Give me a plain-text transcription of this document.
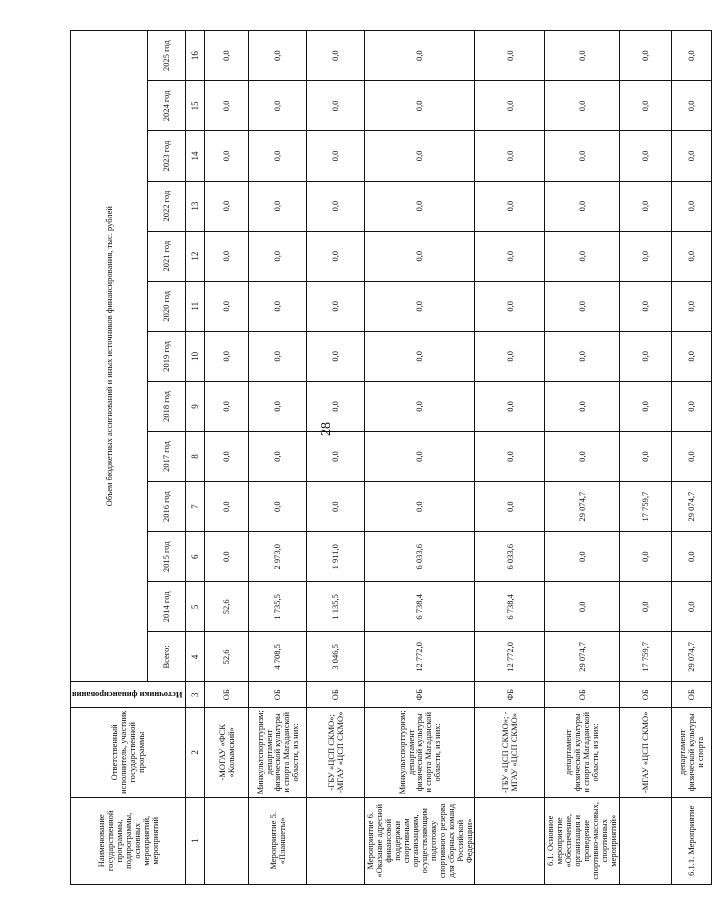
28
Наименование государственной программы, подпрограммы, основных мероприятий, мероприятий	Ответственный исполнитель, участник государственной программы	Источники финансирования	Объем бюджетных ассигнований и иных источников финансирования, тыс. рублей												
			Всего:	2014 год	2015 год	2016 год	2017 год	2018 год	2019 год	2020 год	2021 год	2022 год	2023 год	2024 год	2025 год
1	2	3	4	5	6	7	8	9	10	11	12	13	14	15	16
	-МОГАУ «ФСК «Колымский»	ОБ	52,6	52,6	0,0	0,0	0,0	0,0	0,0	0,0	0,0	0,0	0,0	0,0	0,0
Мероприятие 5. «Планшеты»	Минкультспорттуризм; департамент физической культуры и спорта Магаданской области, из них:	ОБ	4 708,5	1 735,5	2 973,0	0,0	0,0	0,0	0,0	0,0	0,0	0,0	0,0	0,0	0,0
	-ГБУ «ЦСП СКМО»; -МГАУ «ЦСП СКМО»	ОБ	3 046,5	1 135,5	1 911,0	0,0	0,0	0,0	0,0	0,0	0,0	0,0	0,0	0,0	0,0
Мероприятие 6. «Оказание адресной финансовой поддержки спортивным организациям, осуществляющим подготовку спортивного резерва для сборных команд Российской Федерации»	Минкультспорттуризм; департамент физической культуры и спорта Магаданской области, из них:	ФБ	12 772,0	6 738,4	6 033,6	0,0	0,0	0,0	0,0	0,0	0,0	0,0	0,0	0,0	0,0
	-ГБУ «ЦСП СКМО»; - МГАУ «ЦСП СКМО»	ФБ	12 772,0	6 738,4	6 033,6	0,0	0,0	0,0	0,0	0,0	0,0	0,0	0,0	0,0	0,0
6.1. Основное мероприятие «Обеспечение, организация и проведение спортивно-массовых, спортивных мероприятий»	департамент физической культуры и спорта Магаданской области, из них:	ОБ	29 074,7	0,0	0,0	29 074,7	0,0	0,0	0,0	0,0	0,0	0,0	0,0	0,0	0,0
	-МГАУ «ЦСП СКМО»	ОБ	17 759,7	0,0	0,0	17 759,7	0,0	0,0	0,0	0,0	0,0	0,0	0,0	0,0	0,0
6.1.1. Мероприятие	департамент физической культуры и спорта	ОБ	29 074,7	0,0	0,0	29 074,7	0,0	0,0	0,0	0,0	0,0	0,0	0,0	0,0	0,0
